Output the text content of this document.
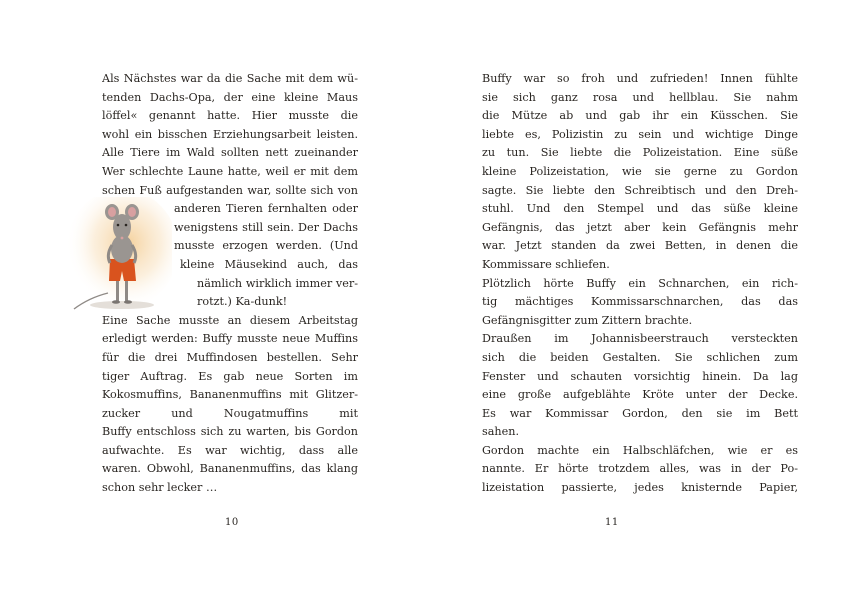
Als Nächstes war da die Sache mit dem wü-
tenden Dachs-Opa, der eine kleine Maus
löffel« genannt hatte. Hier musste die
wohl ein bisschen Erziehungsarbeit leisten.
Alle Tiere im Wald sollten nett zueinander
Wer schlechte Laune hatte, weil er mit dem
schen Fuß aufgestanden war, sollte sich von
anderen Tieren fernhalten oder
wenigstens still sein. Der Dachs
musste erzogen werden. (Und
kleine Mäusekind auch, das
nämlich wirklich immer ver-
rotzt.) Ka-dunk!
Eine Sache musste an diesem Arbeitstag
erledigt werden: Buffy musste neue Muffins
für die drei Muffindosen bestellen. Sehr
tiger Auftrag. Es gab neue Sorten im
Kokosmuffins, Bananenmuffins mit Glitzer-
zucker und Nougatmuffins mit
Buffy entschloss sich zu warten, bis Gordon
aufwachte. Es war wichtig, dass alle
waren. Obwohl, Bananenmuffins, das klang
schon sehr lecker …
10
Buffy war so froh und zufrieden! Innen fühlte
sie sich ganz rosa und hellblau. Sie nahm
die Mütze ab und gab ihr ein Küsschen. Sie
liebte es, Polizistin zu sein und wichtige Dinge
zu tun. Sie liebte die Polizeistation. Eine süße
kleine Polizeistation, wie sie gerne zu Gordon
sagte. Sie liebte den Schreibtisch und den Dreh-
stuhl. Und den Stempel und das süße kleine
Gefängnis, das jetzt aber kein Gefängnis mehr
war. Jetzt standen da zwei Betten, in denen die
Kommissare schliefen.
Plötzlich hörte Buffy ein Schnarchen, ein rich-
tig mächtiges Kommissarschnarchen, das das
Gefängnisgitter zum Zittern brachte.
Draußen im Johannisbeerstrauch versteckten
sich die beiden Gestalten. Sie schlichen zum
Fenster und schauten vorsichtig hinein. Da lag
eine große aufgeblähte Kröte unter der Decke.
Es war Kommissar Gordon, den sie im Bett
sahen.
Gordon machte ein Halbschläfchen, wie er es
nannte. Er hörte trotzdem alles, was in der Po-
lizeistation passierte, jedes knisternde Papier,
11
